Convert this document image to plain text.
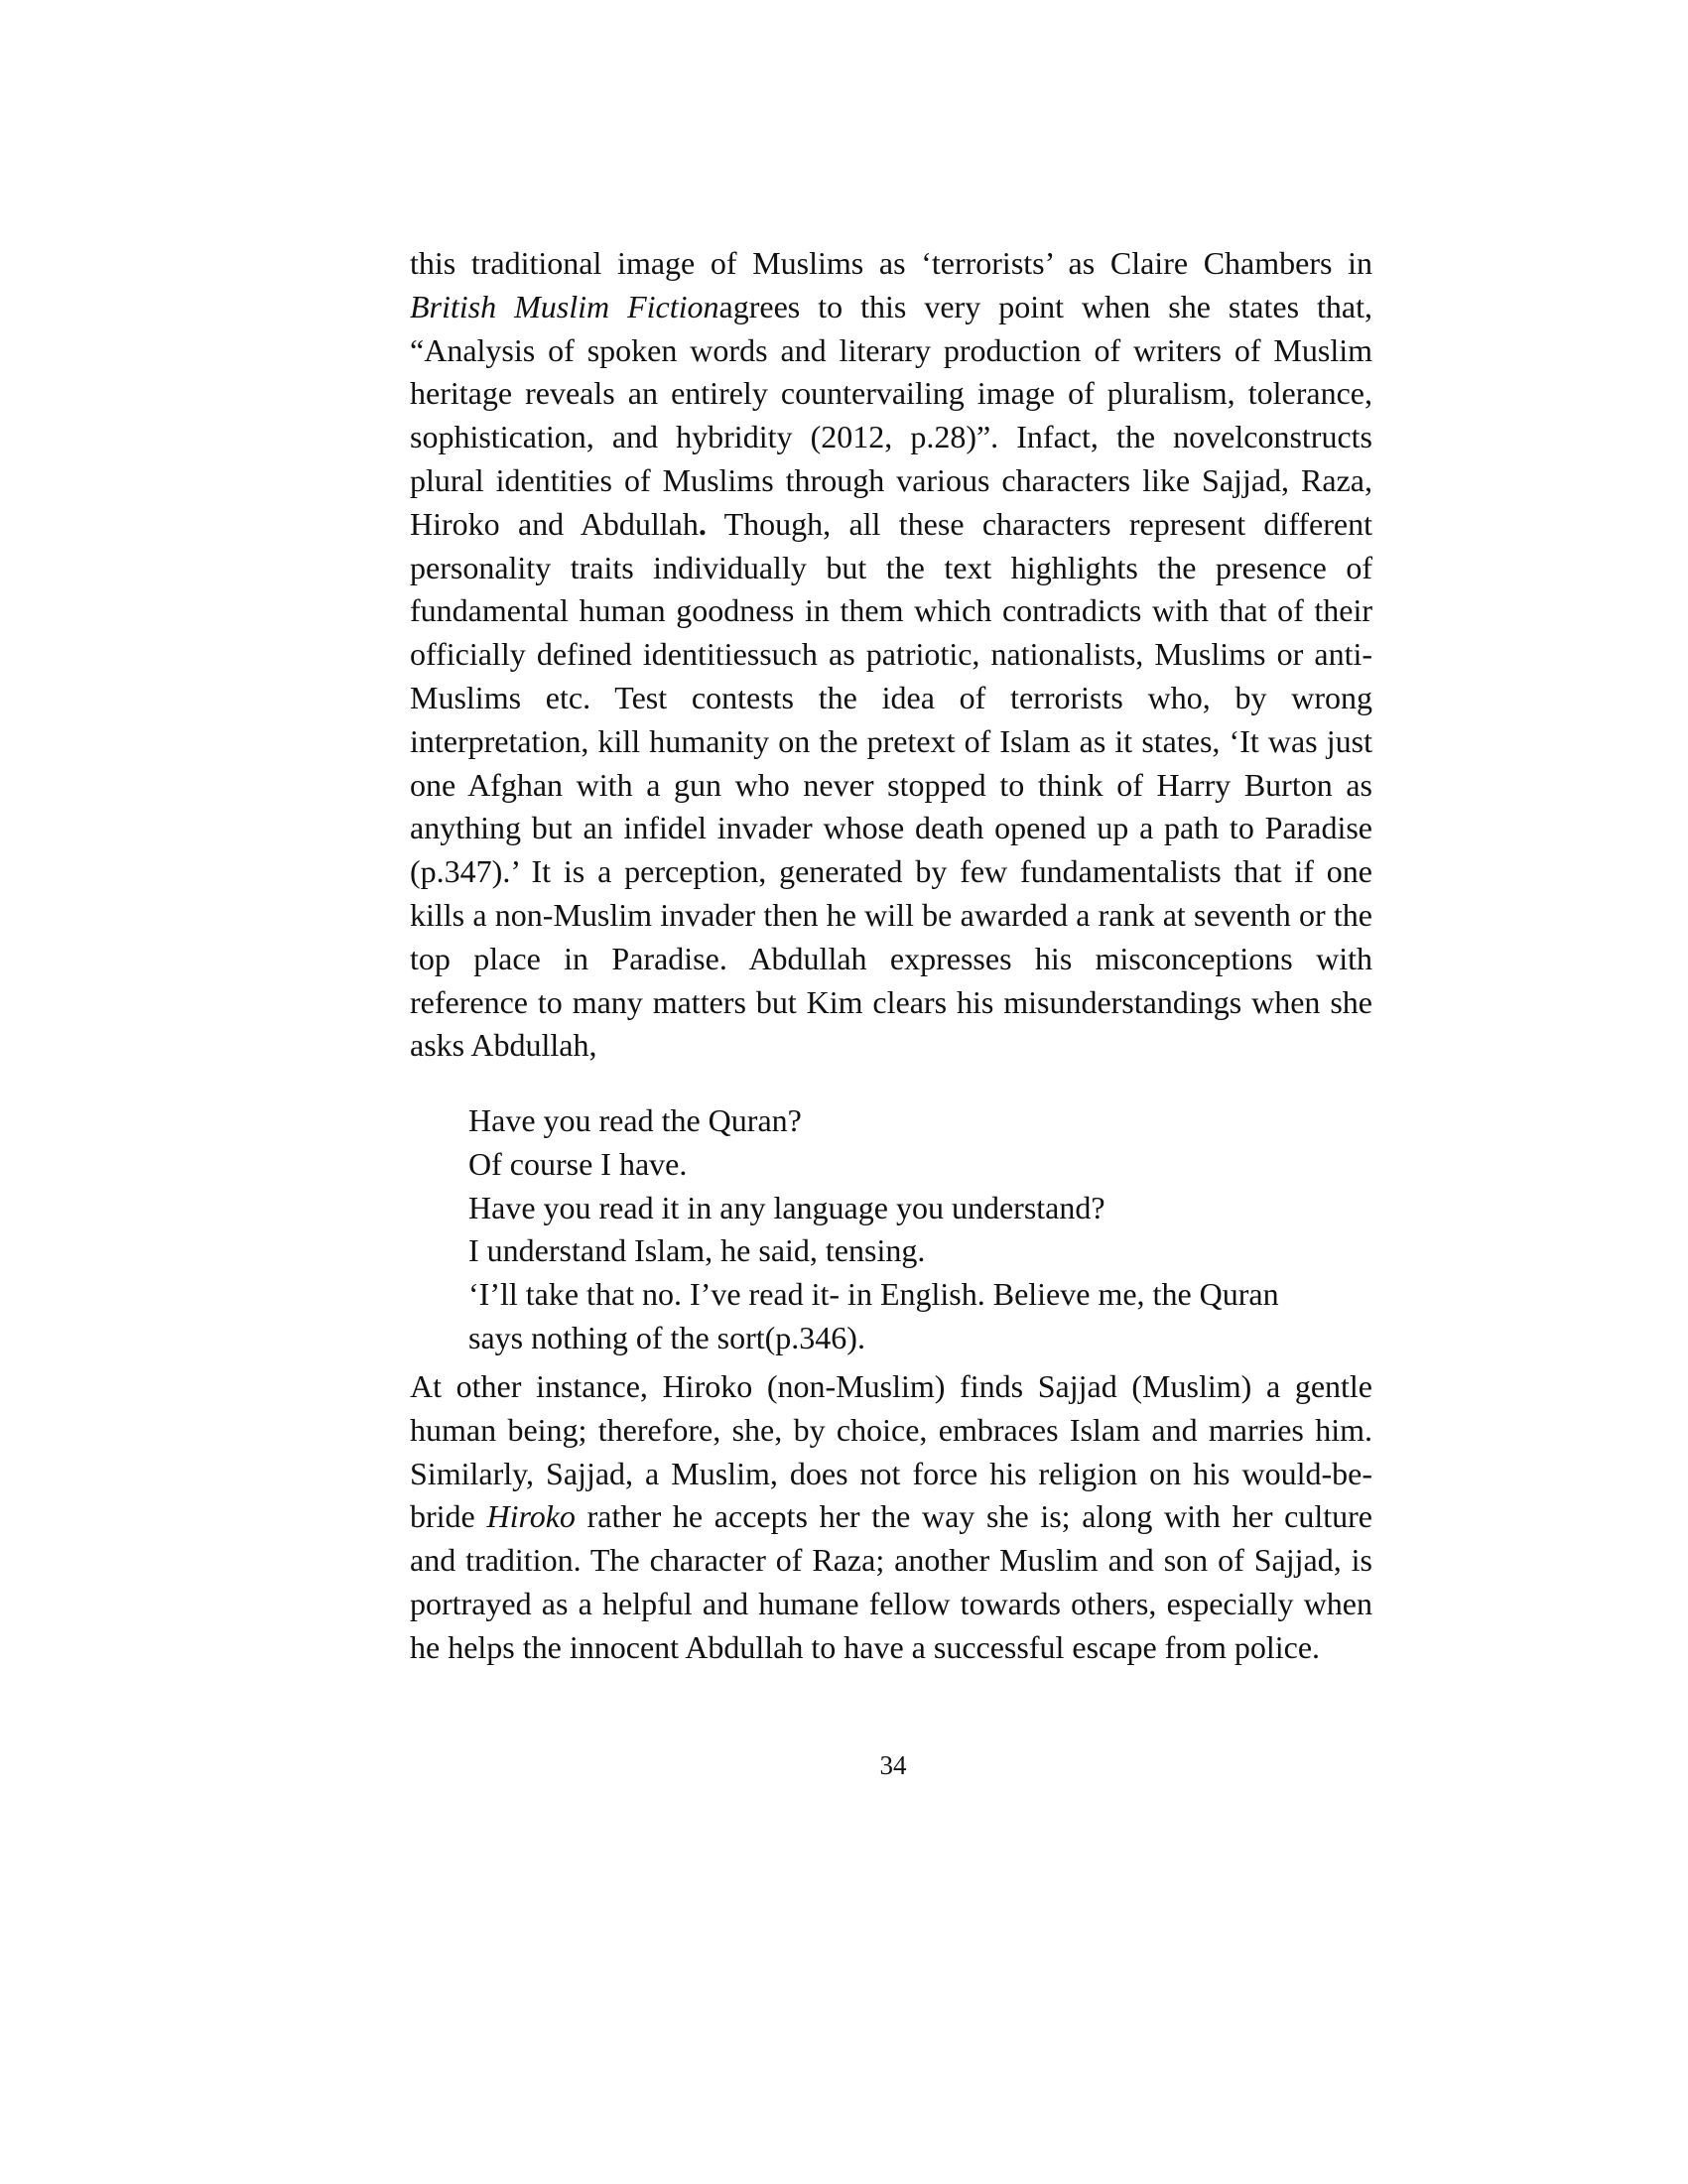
this traditional image of Muslims as ‘terrorists’ as Claire Chambers in British Muslim Fictionagrees to this very point when she states that, “Analysis of spoken words and literary production of writers of Muslim heritage reveals an entirely countervailing image of pluralism, tolerance, sophistication, and hybridity (2012, p.28)”. Infact, the novelconstructs plural identities of Muslims through various characters like Sajjad, Raza, Hiroko and Abdullah. Though, all these characters represent different personality traits individually but the text highlights the presence of fundamental human goodness in them which contradicts with that of their officially defined identitiessuch as patriotic, nationalists, Muslims or anti-Muslims etc. Test contests the idea of terrorists who, by wrong interpretation, kill humanity on the pretext of Islam as it states, ‘It was just one Afghan with a gun who never stopped to think of Harry Burton as anything but an infidel invader whose death opened up a path to Paradise (p.347).’ It is a perception, generated by few fundamentalists that if one kills a non-Muslim invader then he will be awarded a rank at seventh or the top place in Paradise. Abdullah expresses his misconceptions with reference to many matters but Kim clears his misunderstandings when she asks Abdullah,

Have you read the Quran?
Of course I have.
Have you read it in any language you understand?
I understand Islam, he said, tensing.
‘I’ll take that no. I’ve read it- in English. Believe me, the Quran
says nothing of the sort(p.346).

At other instance, Hiroko (non-Muslim) finds Sajjad (Muslim) a gentle human being; therefore, she, by choice, embraces Islam and marries him. Similarly, Sajjad, a Muslim, does not force his religion on his would-be-bride Hiroko rather he accepts her the way she is; along with her culture and tradition. The character of Raza; another Muslim and son of Sajjad, is portrayed as a helpful and humane fellow towards others, especially when he helps the innocent Abdullah to have a successful escape from police.

34
